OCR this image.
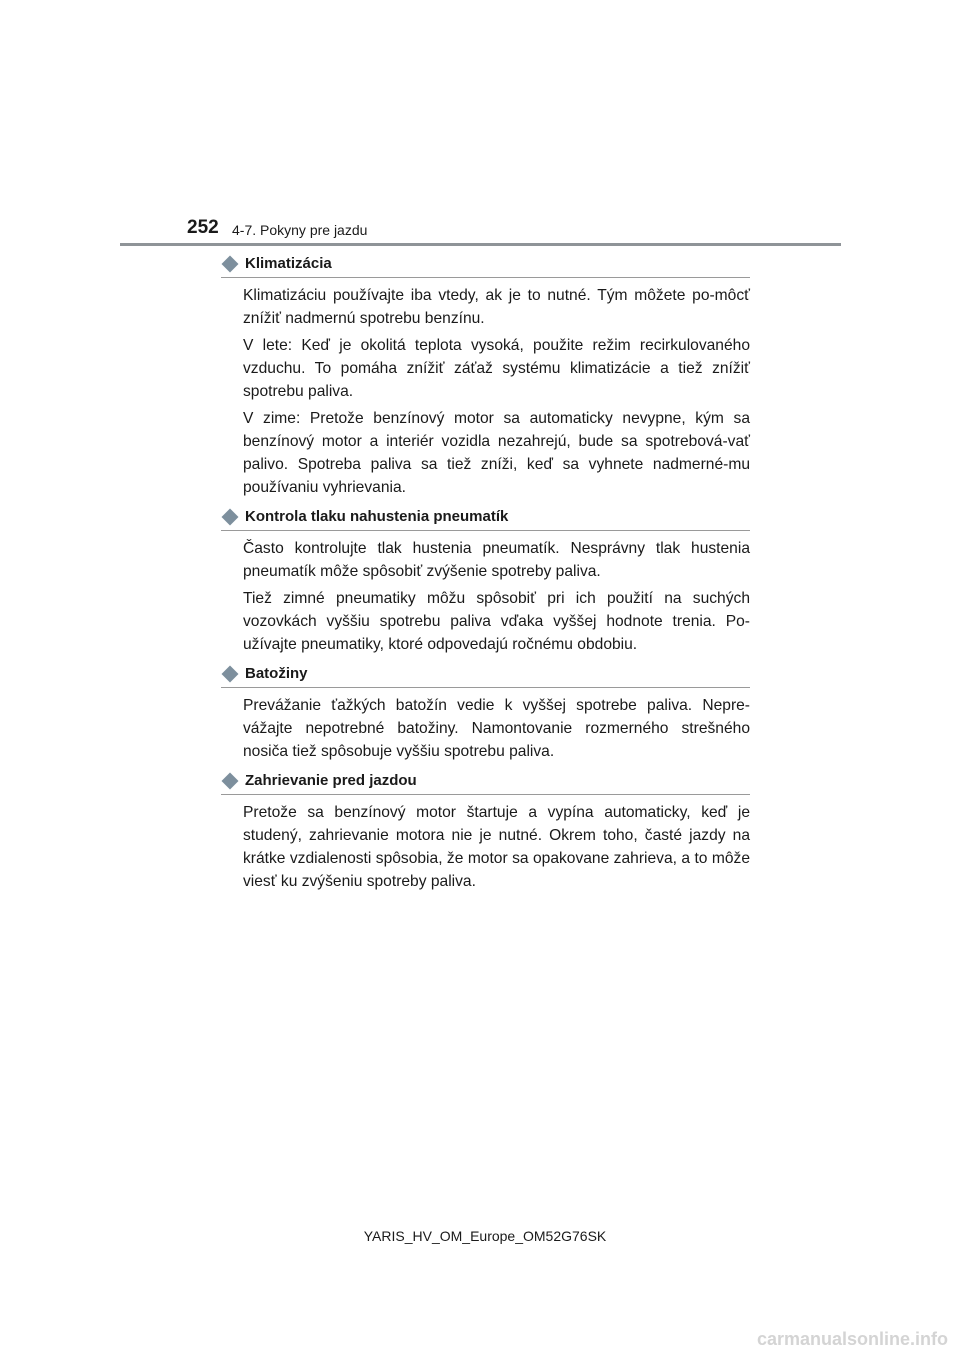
252 4-7. Pokyny pre jazdu
Klimatizácia

Klimatizáciu používajte iba vtedy, ak je to nutné. Tým môžete po-môcť znížiť nadmernú spotrebu benzínu.

V lete: Keď je okolitá teplota vysoká, použite režim recirkulovaného vzduchu. To pomáha znížiť záťaž systému klimatizácie a tiež znížiť spotrebu paliva.

V zime: Pretože benzínový motor sa automaticky nevypne, kým sa benzínový motor a interiér vozidla nezahrejú, bude sa spotrebová-vať palivo. Spotreba paliva sa tiež zníži, keď sa vyhnete nadmerné-mu používaniu vyhrievania.

Kontrola tlaku nahustenia pneumatík

Často kontrolujte tlak hustenia pneumatík. Nesprávny tlak hustenia pneumatík môže spôsobiť zvýšenie spotreby paliva.

Tiež zimné pneumatiky môžu spôsobiť pri ich použití na suchých vozovkách vyššiu spotrebu paliva vďaka vyššej hodnote trenia. Po-užívajte pneumatiky, ktoré odpovedajú ročnému obdobiu.

Batožiny

Prevážanie ťažkých batožín vedie k vyššej spotrebe paliva. Nepre-vážajte nepotrebné batožiny. Namontovanie rozmerného strešného nosiča tiež spôsobuje vyššiu spotrebu paliva.

Zahrievanie pred jazdou

Pretože sa benzínový motor štartuje a vypína automaticky, keď je studený, zahrievanie motora nie je nutné. Okrem toho, časté jazdy na krátke vzdialenosti spôsobia, že motor sa opakovane zahrieva, a to môže viesť ku zvýšeniu spotreby paliva.

YARIS_HV_OM_Europe_OM52G76SK
carmanualsonline.info
